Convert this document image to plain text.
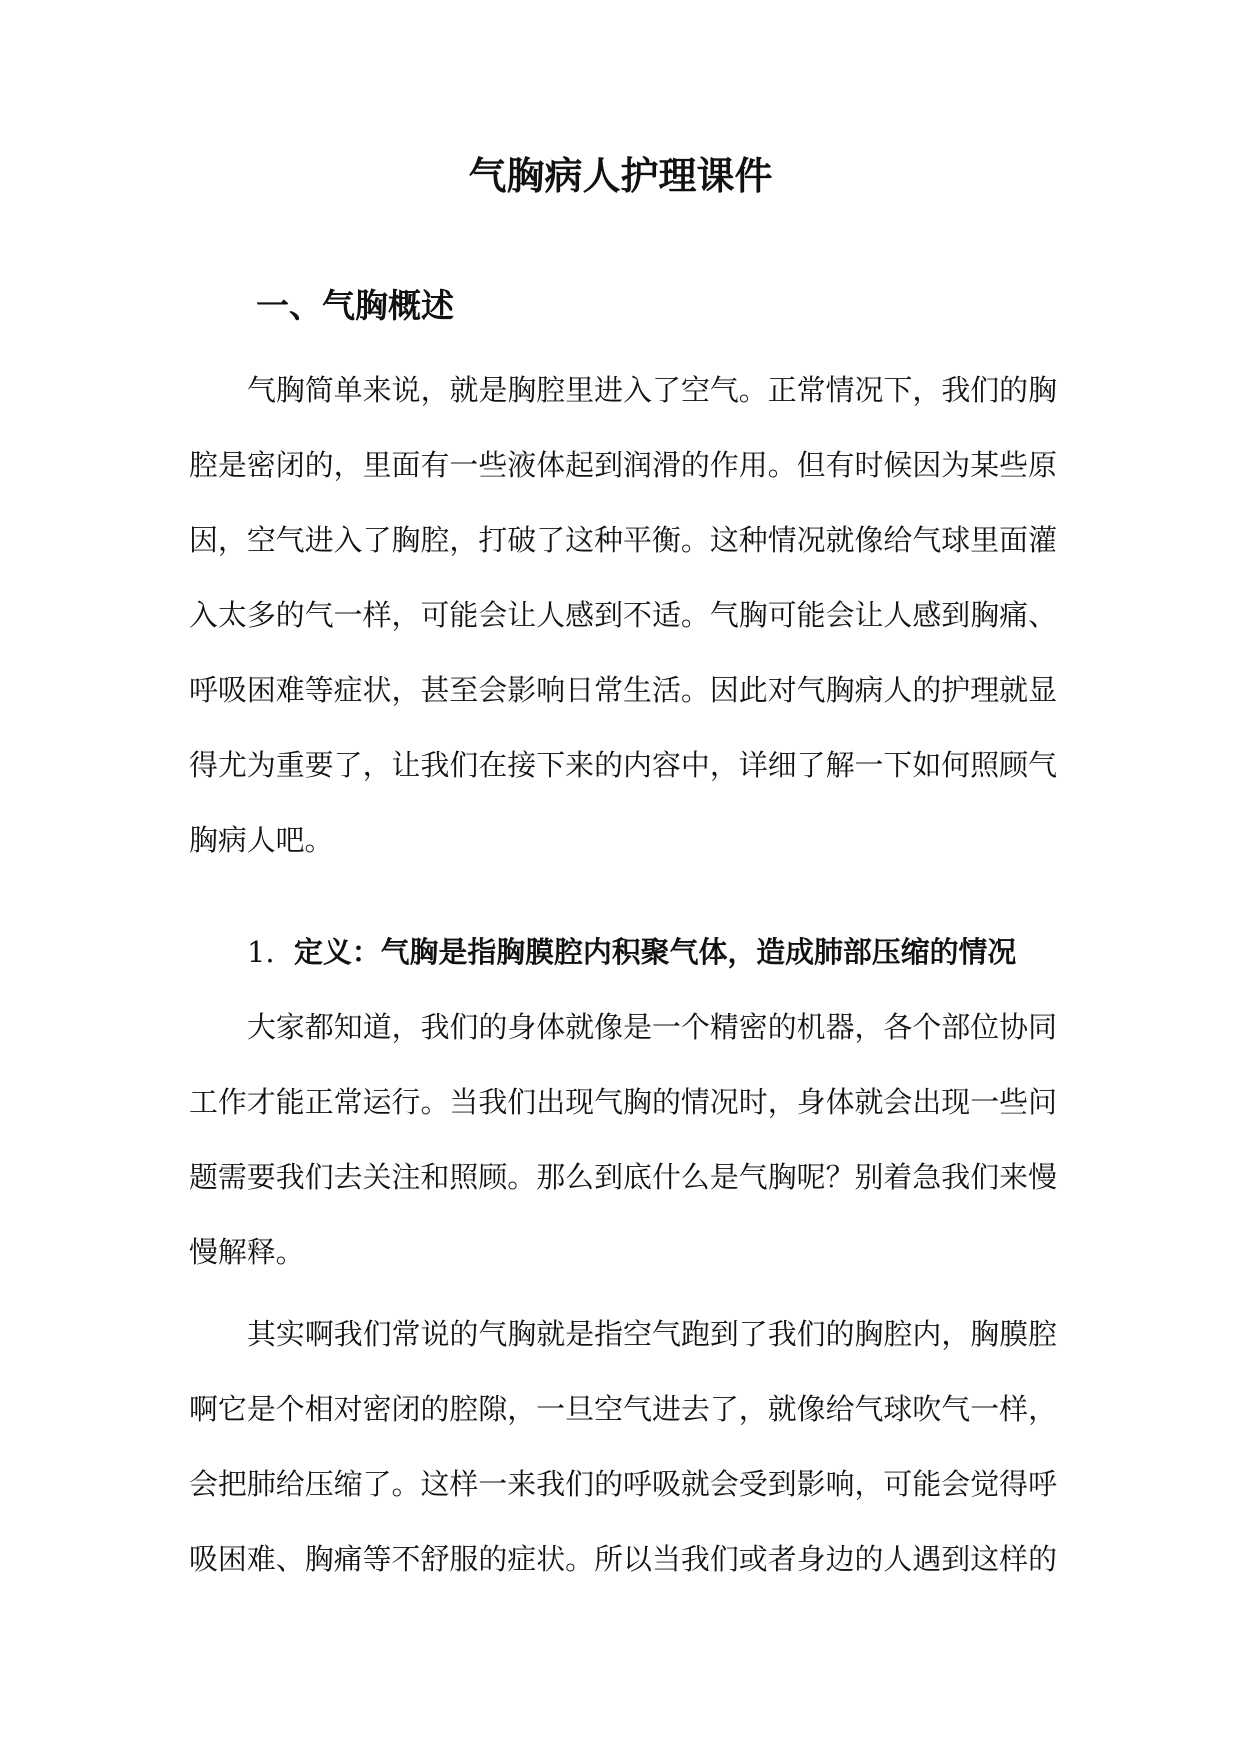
气胸病人护理课件
一、气胸概述
气胸简单来说，就是胸腔里进入了空气。正常情况下，我们的胸
腔是密闭的，里面有一些液体起到润滑的作用。但有时候因为某些原
因，空气进入了胸腔，打破了这种平衡。这种情况就像给气球里面灌
入太多的气一样，可能会让人感到不适。气胸可能会让人感到胸痛、
呼吸困难等症状，甚至会影响日常生活。因此对气胸病人的护理就显
得尤为重要了，让我们在接下来的内容中，详细了解一下如何照顾气
胸病人吧。
1. 定义：气胸是指胸膜腔内积聚气体，造成肺部压缩的情况
大家都知道，我们的身体就像是一个精密的机器，各个部位协同
工作才能正常运行。当我们出现气胸的情况时，身体就会出现一些问
题需要我们去关注和照顾。那么到底什么是气胸呢？别着急我们来慢
慢解释。
其实啊我们常说的气胸就是指空气跑到了我们的胸腔内，胸膜腔
啊它是个相对密闭的腔隙，一旦空气进去了，就像给气球吹气一样，
会把肺给压缩了。这样一来我们的呼吸就会受到影响，可能会觉得呼
吸困难、胸痛等不舒服的症状。所以当我们或者身边的人遇到这样的
